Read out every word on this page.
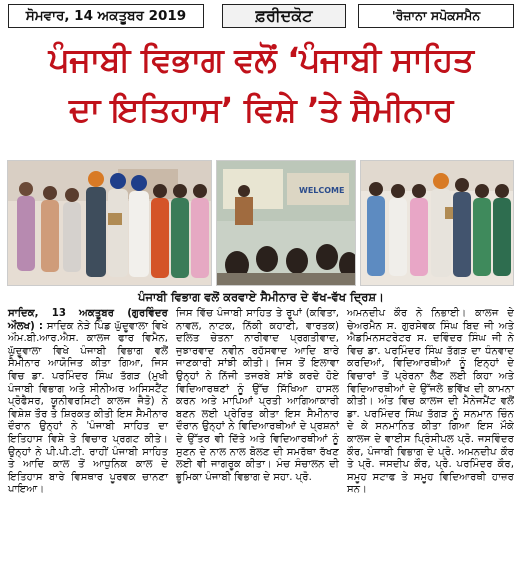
ਸੋਮਵਾਰ, 14 ਅਕਤੂਬਰ 2019	ਫ਼ਰੀਦਕੋਟ	'ਰੋਜ਼ਾਨਾ ਸਪੋਕਸਮੈਨ
ਪੰਜਾਬੀ ਵਿਭਾਗ ਵਲੋਂ ‘ਪੰਜਾਬੀ ਸਾਹਿਤ
ਦਾ ਇਤਿਹਾਸ’ ਵਿਸ਼ੇ ’ਤੇ ਸੈਮੀਨਾਰ
WELCOME
ਪੰਜਾਬੀ ਵਿਭਾਗ ਵਲੋਂ ਕਰਵਾਏ ਸੈਮੀਨਾਰ ਦੇ ਵੱਖ-ਵੱਖ ਦ੍ਰਿਸ਼।

ਸਾਦਿਕ, 13 ਅਕਤੂਬਰ (ਗੁਰਵਿੰਦਰ ਔਲਖ) : ਸਾਦਿਕ ਨੇੜੇ ਪਿੰਡ ਘੁੱਦੂਵਾਲਾ ਵਿਖੇ ਔਮ.ਬੀ.ਆਰ.ਐਸ. ਕਾਲਜ ਫਾਰ ਵਿਮੈਨ, ਘੁੱਦੂਵਾਲਾ ਵਿਖੇ ਪੰਜਾਬੀ ਵਿਭਾਗ ਵਲੋਂ ਸੈਮੀਨਾਰ ਆਯੋਜਿਤ ਕੀਤਾ ਗਿਆ, ਜਿਸ ਵਿਚ ਡਾ. ਪਰਮਿੰਦਰ ਸਿੰਘ ਤੱਗੜ (ਮੁਖੀ ਪੰਜਾਬੀ ਵਿਭਾਗ ਅਤੇ ਸੀਨੀਅਰ ਅਸਿਸਟੈਂਟ ਪ੍ਰੋਫੈਸਰ, ਯੂਨੀਵਰਸਿਟੀ ਕਾਲਜ ਜੈਤੋ) ਨੇ ਵਿਸ਼ੇਸ਼ ਤੌਰ ਤੇ ਸ਼ਿਰਕਤ ਕੀਤੀ ਇਸ ਸੈਮੀਨਾਰ ਦੌਰਾਨ ਉਨ੍ਹਾਂ ਨੇ 'ਪੰਜਾਬੀ ਸਾਹਿਤ ਦਾ ਇਤਿਹਾਸ ਵਿਸ਼ੇ ਤੇ ਵਿਚਾਰ ਪ੍ਰਗਟ ਕੀਤੇ। ਉਨ੍ਹਾਂ ਨੇ ਪੀ.ਪੀ.ਟੀ. ਰਾਹੀਂ ਪੰਜਾਬੀ ਸਾਹਿਤ ਤੇ ਆਦਿ ਕਾਲ ਤੋਂ ਆਧੁਨਿਕ ਕਾਲ ਦੇ ਇਤਿਹਾਸ ਬਾਰੇ ਵਿਸਥਾਰ ਪੂਰਵਕ ਚਾਨਣਾ ਪਾਇਆ।

ਜਿਸ ਵਿੱਚ ਪੰਜਾਬੀ ਸਾਹਿਤ ਤੇ ਰੂਪਾਂ (ਕਵਿਤਾ, ਨਾਵਲ, ਨਾਟਕ, ਨਿੱਕੀ ਕਹਾਣੀ, ਵਾਰਤਕ) ਦਲਿਤ ਚੇਤਨਾ ਨਾਰੀਵਾਦ ਪ੍ਰਗਤੀਵਾਦ, ਜੁਝਾਰਵਾਦ ਨਵੀਨ ਰਹੱਸਵਾਦ ਆਦਿ ਬਾਰੇ ਜਾਣਕਾਰੀ ਸਾਂਝੀ ਕੀਤੀ। ਜਿਸ ਤੋਂ ਇਲਾਵਾ ਉਨ੍ਹਾਂ ਨੇ ਨਿੱਜੀ ਤਜਰਬੇ ਸਾਂਝੇ ਕਰਦੇ ਹੋਏ ਵਿਦਿਆਰਥਣਾਂ ਨੂੰ ਉੱਚ ਸਿੱਖਿਆ ਹਾਸਲ ਕਰਨ ਅਤੇ ਮਾਪਿਆਂ ਪ੍ਰਤੀ ਆਗਿਆਕਾਰੀ ਬਣਨ ਲਈ ਪ੍ਰੇਰਿਤ ਕੀਤਾ ਇਸ ਸੈਮੀਨਾਰ ਦੌਰਾਨ ਉਨ੍ਹਾਂ ਨੇ ਵਿਦਿਆਰਥੀਆਂ ਦੇ ਪ੍ਰਸ਼ਨਾਂ ਦੇ ਉੱਤਰ ਵੀ ਦਿੱਤੇ ਅਤੇ ਵਿਦਿਆਰਥੀਆਂ ਨੂੰ ਸੁਣਨ ਦੇ ਨਾਲ ਨਾਲ ਬੋਲਣ ਦੀ ਸਮਰੱਥਾ ਰੱਖਣ ਲਈ ਵੀ ਜਾਗਰੂਕ ਕੀਤਾ। ਮੰਚ ਸੰਚਾਲਨ ਦੀ ਭੂਮਿਕਾ ਪੰਜਾਬੀ ਵਿਭਾਗ ਦੇ ਸਹਾ. ਪ੍ਰੋ.

ਅਮਨਦੀਪ ਕੌਰ ਨੇ ਨਿਭਾਈ। ਕਾਲਜ ਦੇ ਚੇਅਰਮੈਨ ਸ. ਗੁਰਸੇਵਕ ਸਿੰਘ ਬਿਦ ਜੀ ਅਤੇ ਐਡਮਿਨਸਟਰੇਟਰ ਸ. ਦਵਿੰਦਰ ਸਿੰਘ ਜੀ ਨੇ ਵਿਚ ਡਾ. ਪਰਮਿੰਦਰ ਸਿੰਘ ਤੱਗੜ ਦਾ ਧੰਨਵਾਦ ਕਰਦਿਆਂ, ਵਿਦਿਆਰਥੀਆਂ ਨੂੰ ਇਨ੍ਹਾਂ ਦੇ ਵਿਚਾਰਾਂ ਤੋਂ ਪ੍ਰੇਰਨਾ ਲੈਣ ਲਈ ਕਿਹਾ ਅਤੇ ਵਿਦਿਆਰਥੀਆਂ ਦੇ ਉੱਜਲੇ ਭਵਿੱਖ ਦੀ ਕਾਮਨਾ ਕੀਤੀ। ਅੰਤ ਵਿਚ ਕਾਲਜ ਦੀ ਮੈਨੇਜਮੈਂਟ ਵਲੋਂ ਡਾ. ਪਰਮਿੰਦਰ ਸਿੰਘ ਤੱਗੜ ਨੂੰ ਸਨਮਾਨ ਚਿੰਨ ਦੇ ਕੇ ਸਨਮਾਨਿਤ ਕੀਤਾ ਗਿਆ ਇਸ ਮੌਕੇ ਕਾਲਜ ਦੇ ਵਾਈਸ ਪ੍ਰਿੰਸੀਪਲ ਪ੍ਰੋ. ਜਸਵਿੰਦਰ ਕੌਰ, ਪੰਜਾਬੀ ਵਿਭਾਗ ਦੇ ਪ੍ਰੋ. ਅਮਨਦੀਪ ਕੌਰ ਤੇ ਪ੍ਰੋ. ਜਸਦੀਪ ਕੌਰ, ਪ੍ਰੋ. ਪਰਮਿੰਦਰ ਕੌਰ, ਸਮੂਹ ਸਟਾਫ ਤੇ ਸਮੂਹ ਵਿਦਿਆਰਥੀ ਹਾਜ਼ਰ ਸਨ।
